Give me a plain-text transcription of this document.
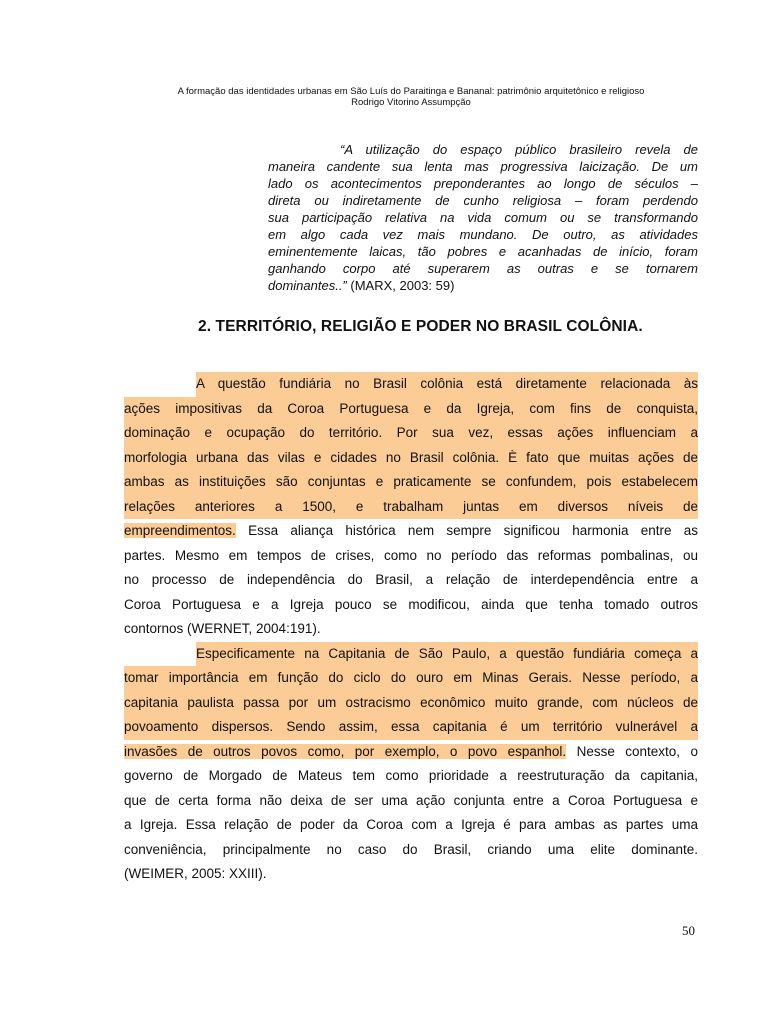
A formação das identidades urbanas em São Luís do Paraitinga e Bananal: patrimônio arquitetônico e religioso
Rodrigo Vitorino Assumpção
“A utilização do espaço público brasileiro revela de
maneira candente sua lenta mas progressiva laicização. De um
lado os acontecimentos preponderantes ao longo de séculos –
direta ou indiretamente de cunho religiosa – foram perdendo
sua participação relativa na vida comum ou se transformando
em algo cada vez mais mundano. De outro, as atividades
eminentemente laicas, tão pobres e acanhadas de início, foram
ganhando corpo até superarem as outras e se tornarem
dominantes..” (MARX, 2003: 59)
2. TERRITÓRIO, RELIGIÃO E PODER NO BRASIL COLÔNIA.
A questão fundiária no Brasil colônia está diretamente relacionada às
ações impositivas da Coroa Portuguesa e da Igreja, com fins de conquista,
dominação e ocupação do território. Por sua vez, essas ações influenciam a
morfologia urbana das vilas e cidades no Brasil colônia. È fato que muitas ações de
ambas as instituições são conjuntas e praticamente se confundem, pois estabelecem
relações anteriores a 1500, e trabalham juntas em diversos níveis de
empreendimentos. Essa aliança histórica nem sempre significou harmonia entre as
partes. Mesmo em tempos de crises, como no período das reformas pombalinas, ou
no processo de independência do Brasil, a relação de interdependência entre a
Coroa Portuguesa e a Igreja pouco se modificou, ainda que tenha tomado outros
contornos (WERNET, 2004:191).
Especificamente na Capitania de São Paulo, a questão fundiária começa a
tomar importância em função do ciclo do ouro em Minas Gerais. Nesse período, a
capitania paulista passa por um ostracismo econômico muito grande, com núcleos de
povoamento dispersos. Sendo assim, essa capitania é um território vulnerável a
invasões de outros povos como, por exemplo, o povo espanhol. Nesse contexto, o
governo de Morgado de Mateus tem como prioridade a reestruturação da capitania,
que de certa forma não deixa de ser uma ação conjunta entre a Coroa Portuguesa e
a Igreja. Essa relação de poder da Coroa com a Igreja é para ambas as partes uma
conveniência, principalmente no caso do Brasil, criando uma elite dominante.
(WEIMER, 2005: XXIII).
50
